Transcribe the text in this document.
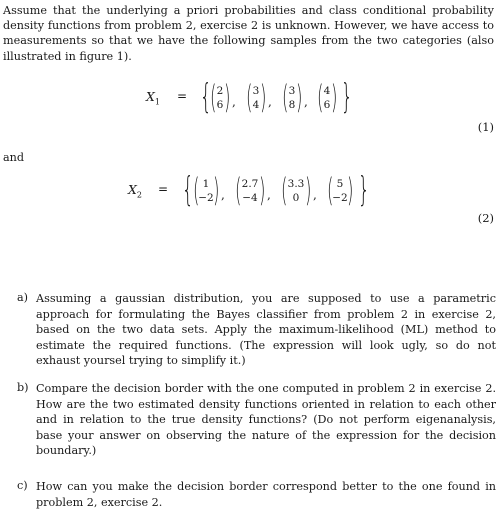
Assume that the underlying a priori probabilities and class conditional probability density functions from problem 2, exercise 2 is unknown. However, we have access to measurements so that we have the following samples from the two categories (also illustrated in figure 1).
$X_1$ = {
( 2
6 ) , ( 3
4 ) , ( 3
8 ) , ( 4
6 ) }
(1)
and
$X_2$ = { ( 1
−2
) , ( 2.7
−4 ) , ( 3.3
0 ) , ( 5
−2
) }
(2)
a) Assuming a gaussian distribution, you are supposed to use a parametric approach for formulating the Bayes classifier from problem 2 in exercise 2, based on the two data sets. Apply the maximum-likelihood (ML) method to estimate the required functions. (The expression will look ugly, so do not exhaust yoursel trying to simplify it.)
b) Compare the decision border with the one computed in problem 2 in exercise 2. How are the two estimated density functions oriented in relation to each other and in relation to the true density functions? (Do not perform eigenanalysis, base your answer on observing the nature of the expression for the decision boundary.)
c) How can you make the decision border correspond better to the one found in problem 2, exercise 2.
